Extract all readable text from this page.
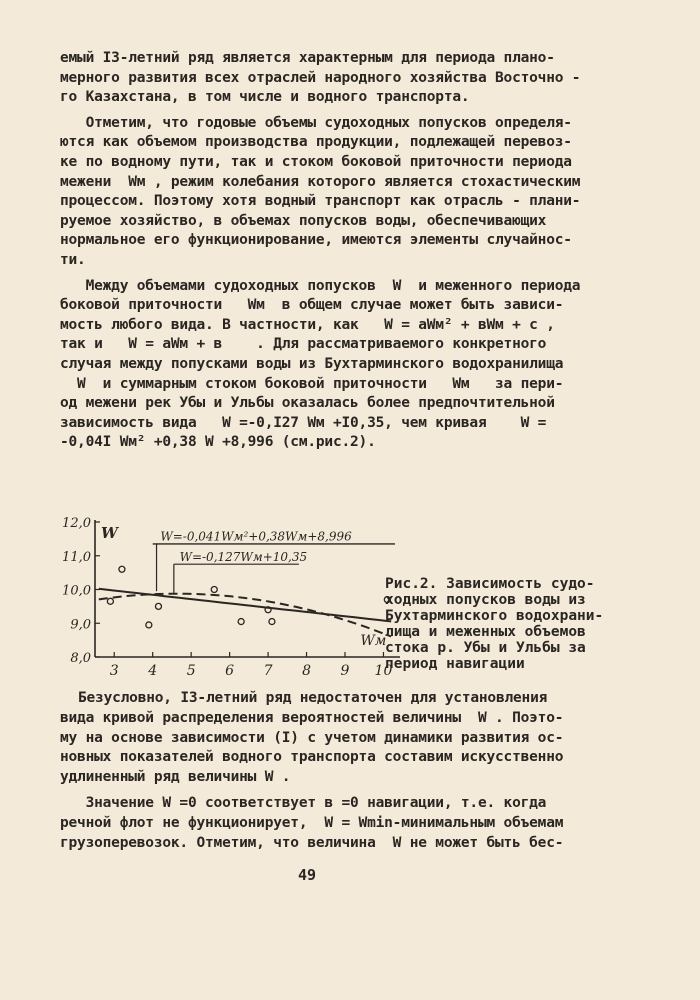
емый I3-летний ряд является характерным для периода плано-
мерного развития всех отраслей народного хозяйства Восточно -
го Казахстана, в том числе и водного транспорта.
Отметим, что годовые объемы судоходных попусков определя-
ются как объемом производства продукции, подлежащей перевоз-
ке по водному пути, так и стоком боковой приточности периода
межени  Wм , режим колебания которого является стохастическим
процессом. Поэтому хотя водный транспорт как отрасль - плани-
руемое хозяйство, в объемах попусков воды, обеспечивающих
нормальное его функционирование, имеются элементы случайнос-
ти.
Между объемами судоходных попусков  W  и меженного периода
боковой приточности   Wм  в общем случае может быть зависи-
мость любого вида. В частности, как   W = aWм² + вWм + c ,
так и   W = aWм + в    . Для рассматриваемого конкретного
случая между попусками воды из Бухтарминского водохранилища
W  и суммарным стоком боковой приточности   Wм   за пери-
од межени рек Убы и Ульбы оказалась более предпочтительной
зависимость вида   W =-0,I27 Wм +I0,35, чем кривая    W =
-0,04I Wм² +0,38 W +8,996 (см.рис.2).
Безусловно, I3-летний ряд недостаточен для установления
вида кривой распределения вероятностей величины  W . Поэто-
му на основе зависимости (I) с учетом динамики развития ос-
новных показателей водного транспорта составим искусственно
удлиненный ряд величины W .
Значение W =0 соответствует в =0 навигации, т.е. когда
речной флот не функционирует,  W = Wmin-минимальным объемам
грузоперевозок. Отметим, что величина  W не может быть бес-
3 4 5 6 7 8 9 10
8,0
9,0
10,0
11,0
12,0
W=-0,041Wм²+0,38Wм+8,996
W=-0,127Wм+10,35
W
Wм
Рис.2. Зависимость судо-
ходных попусков воды из
Бухтарминского водохрани-
лища и меженных объемов
стока р. Убы и Ульбы за
период навигации
49
